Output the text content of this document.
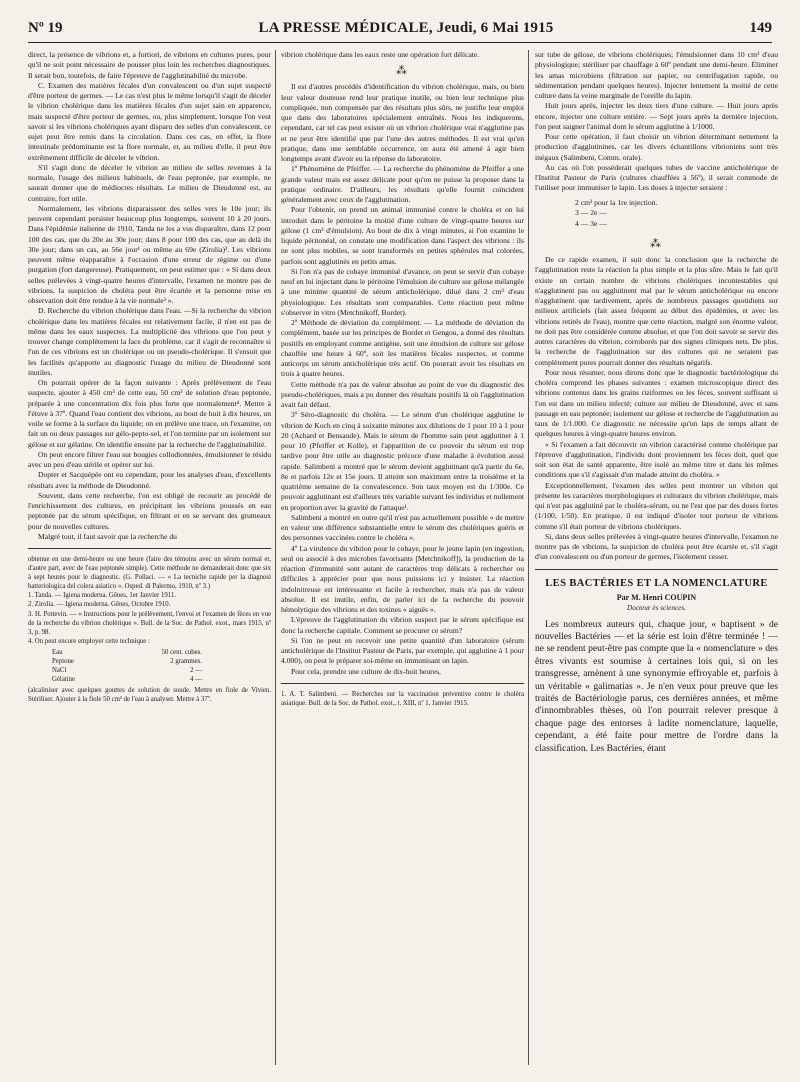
Nº 19	LA PRESSE MÉDICALE, Jeudi, 6 Mai 1915	149

direct, la présence de vibrions et, a fortiori, de vibrions en cultures pures, pour qu'il ne soit point nécessaire de pousser plus loin les recherches diagnostiques. Il serait bon, toutefois, de faire l'épreuve de l'agglutinabilité du microbe.

C. Examen des matières fécales d'un convalescent ou d'un sujet suspecté d'être porteur de germes. — Le cas n'est plus le même lorsqu'il s'agit de déceler le vibrion cholérique dans les matières fécales d'un sujet sain en apparence, mais suspecté d'être porteur de germes, ou, plus simplement, lorsque l'on veut savoir si les vibrions cholériques ayant disparu des selles d'un convalescent, ce sujet peut être remis dans la circulation. Dans ces cas, en effet, la flore intestinale prédominante est la flore normale, et, au milieu d'elle, il peut être extrêmement difficile de déceler le vibrion.

S'il s'agit donc de déceler le vibrion au milieu de selles revenues à la normale, l'usage des milieux habituels, de l'eau peptonée, par exemple, ne saurait donner que de médiocres résultats. Le milieu de Dieudonné est, au contraire, fort utile.

Normalement, les vibrions disparaissent des selles vers le 10e jour; ils peuvent cependant persister beaucoup plus longtemps, souvent 10 à 20 jours. Dans l'épidémie italienne de 1910, Tanda ne les a vus disparaître, dans 12 pour 100 des cas, que du 20e au 30e jour; dans 8 pour 100 des cas, que au delà du 30e jour; dans un cas, au 56e jour¹ ou même au 69e (Zirolia)². Les vibrions peuvent même réapparaître à l'occasion d'une erreur de régime ou d'une purgation (fort dangereuse). Pratiquement, on peut estimer que : « Si dans deux selles prélevées à vingt-quatre heures d'intervalle, l'examen ne montre pas de vibrions, la suspicion de choléra peut être écartée et la personne mise en observation doit être rendue à la vie normale³ ».

D. Recherche du vibrion cholérique dans l'eau. —Si la recherche du vibrion cholérique dans les matières fécales est relativement facile, il n'en est pas de même dans les eaux suspectes. La multiplicité des vibrions que l'on peut y trouver change complètement la face du problème, car il s'agit de reconnaître si l'un de ces vibrions est un cholérique ou un pseudo-cholérique. Il s'ensuit que les facilités qu'apporte au diagnostic l'usage du milieu de Dieudonné sont inutiles.

On pourrait opérer de la façon suivante : Après prélèvement de l'eau suspecte, ajouter à 450 cm³ de cette eau, 50 cm³ de solution d'eau peptonée, préparée à une concentration dix fois plus forte que normalement⁴. Mettre à l'étuve à 37º. Quand l'eau contient des vibrions, au bout de huit à dix heures, un voile se forme à la surface du liquide; on en prélève une trace, on l'examine, on fait un ou deux passages sur gélo-pepto-sel, et l'on termine par un isolement sur gélose et sur gélatine. On identifie ensuite par la recherche de l'agglutinabilité.

On peut encore filtrer l'eau sur bougies collodionnées, émulsionner le résidu avec un peu d'eau stérile et opérer sur lui.

Dopter et Sacquépée ont eu cependant, pour les analyses d'eau, d'excellents résultats avec la méthode de Dieudonné.

Souvent, dans cette recherche, l'on est obligé de recourir au procédé de l'enrichissement des cultures, en précipitant les vibrions poussés en eau peptonée par du sérum spécifique, en filtrant et en se servant des grumeaux pour de nouvelles cultures.

Malgré tout, il faut savoir que la recherche du

obtenue en une demi-heure ou une heure (faire des témoins avec un sérum normal et, d'autre part, avec de l'eau peptonée simple). Cette méthode ne demanderait donc que six à sept heures pour le diagnostic. (G. Pollaci. — « La tecniche rapide per la diagnosi batteriologica del colera asiatico ». Osped. di Palermo, 1910, nº 3.)

1. Tanda. — Igiena moderna. Gênes, 1er Janvier 1911.

2. Zirolia. — Igiena moderna. Gênes, Octobre 1910.

3. H. Pottevin. — « Instructions pour le prélèvement, l'envoi et l'examen de fèces en vue de la recherche du vibrion cholérique ». Bull. de la Soc. de Pathol. exot., mars 1915, nº 3, p. 98.

4. On peut encore employer cette technique :

Eau	50 cent. cubes.
Peptone	2 grammes.
NaCl	2 —
Gélatine	4 —

(alcaliniser avec quelques gouttes de solution de soude. Mettre en fiole de Vivien. Stériliser. Ajouter à la fiole 50 cm³ de l'eau à analyser. Mettre à 37º.

vibrion cholérique dans les eaux reste une opération fort délicate.

⁂

Il est d'autres procédés d'identification du vibrion cholérique, mais, ou bien leur valeur douteuse rend leur pratique inutile, ou bien leur technique plus compliquée, non compensée par des résultats plus sûrs, ne justifie leur emploi que dans des laboratoires spécialement entraînés. Nous les indiquerons, cependant, car tel cas peut exister où un vibrion cholérique vrai n'agglutine pas et ne peut être identifié que par l'une des autres méthodes. Il est vrai qu'en pratique, dans une semblable occurrence, on aura été amené à agir bien longtemps avant d'avoir eu la réponse du laboratoire.

1º Phénomène de Pfeiffer. — La recherche du phénomène de Pfeiffer a une grande valeur mais est assez délicate pour qu'on ne puisse la proposer dans la pratique ordinaire. D'ailleurs, les résultats qu'elle fournit coïncident généralement avec ceux de l'agglutination.

Pour l'obtenir, on prend un animal immunisé contre le choléra et on lui introduit dans le péritoine la moitié d'une culture de vingt-quatre heures sur gélose (1 cm³ d'émulsion). Au bout de dix à vingt minutes, si l'on examine le liquide péritonéal, on constate une modification dans l'aspect des vibrions : ils ne sont plus mobiles, se sont transformés en petites sphérules mal colorées, parfois sont agglutinés en petits amas.

Si l'on n'a pas de cobaye immunisé d'avance, on peut se servir d'un cobaye neuf en lui injectant dans le péritoine l'émulsion de culture sur gélose mélangée à une minime quantité de sérum anticholérique, dilué dans 2 cm³ d'eau physiologique. Les résultats sont comparables. Cette réaction peut même s'observer in vitro (Metchnikoff, Bordet).

2º Méthode de déviation du complément. — La méthode de déviation du complément, basée sur les principes de Bordet et Gengou, a donné des résultats positifs en employant comme antigène, soit une émulsion de culture sur gélose chauffée une heure à 60º, soit les matières fécales suspectes, et comme anticorps un sérum anticholérique très actif. On pourrait avoir les résultats en trois à quatre heures.

Cette méthode n'a pas de valeur absolue au point de vue du diagnostic des pseudo-cholériques, mais a pu donner des résultats positifs là où l'agglutination avait fait défaut.

3º Séro-diagnostic du choléra. — Le sérum d'un cholérique agglutine le vibrion de Koch en cinq à soixante minutes aux dilutions de 1 pour 10 à 1 pour 20 (Achard et Bensaude). Mais le sérum de l'homme sain peut agglutiner à 1 pour 10 (Pfeiffer et Kolle), et l'apparition de ce pouvoir du sérum est trop tardive pour être utile au diagnostic précoce d'une maladie à évolution aussi rapide. Salimbeni a montré que le sérum devient agglutinant qu'à partir du 6e, 8e et parfois 12e et 15e jours. Il atteint son maximum entre la troisième et la quatrième semaine de la convalescence. Son taux moyen est du 1/300e. Ce pouvoir agglutinant est d'ailleurs très variable suivant les individus et nullement en proportion avec la gravité de l'attaque¹.

Salimbeni a montré en outre qu'il n'est pas actuellement possible « de mettre en valeur une différence substantielle entre le sérum des cholériques guéris et des personnes vaccinées contre le choléra ».

4º La virulence du vibrion pour le cobaye, pour le jeune lapin (en ingestion, seul ou associé à des microbes favorisants [Metchnikoff]), la production de la réaction d'immunité sont autant de caractères trop délicats à rechercher ou difficiles à apprécier pour que nous puissions ici y insister. La réaction indolnitreuse est intéressante et facile à rechercher, mais n'a pas de valeur absolue. Il est inutile, enfin, de parler ici de la recherche du pouvoir hémolytique des vibrions et des toxines « aiguës ».

L'épreuve de l'agglutination du vibrion suspect par le sérum spécifique est donc la recherche capitale. Comment se procurer ce sérum?

Si l'on ne peut en recevoir une petite quantité d'un laboratoire (sérum anticholérique de l'Institut Pasteur de Paris, par exemple, qui agglutine à 1 pour 4.000), on peut le préparer soi-même en immunisant un lapin.

Pour cela, prendre une culture de dix-huit heures,

1. A. T. Salimbeni. — Recherches sur la vaccination préventive contre le choléra asiatique. Bull. de la Soc. de Pathol. exot., t. XIII, nº 1, Janvier 1915.

sur tube de gélose, de vibrions cholériques; l'émulsionner dans 10 cm³ d'eau physiologique; stériliser par chauffage à 60º pendant une demi-heure. Éliminer les amas microbiens (filtration sur papier, ou centrifugation rapide, ou sédimentation pendant quelques heures). Injecter lentement la moitié de cette culture dans la veine marginale de l'oreille du lapin.

Huit jours après, injecter les deux tiers d'une culture. — Huit jours après encore, injecter une culture entière. — Sept jours après la dernière injection, l'on peut saigner l'animal dont le sérum agglutine à 1/1000.

Pour cette opération, il faut choisir un vibrion déterminant nettement la production d'agglutinines, car les divers échantillons vibrioniens sont très inégaux (Salimbeni, Comm. orale).

Au cas où l'on posséderait quelques tubes de vaccine anticholérique de l'Institut Pasteur de Paris (cultures chauffées à 56º), il serait commode de l'utiliser pour immuniser le lapin. Les doses à injecter seraient :

2 cm³ pour la 1re injection.
3 — 2e —
4 — 3e —
⁂

De ce rapide examen, il suit donc la conclusion que la recherche de l'agglutination reste la réaction la plus simple et la plus sûre. Mais le fait qu'il existe un certain nombre de vibrions cholériques incontestables qui n'agglutinent pas ou agglutinent mal par le sérum anticholérique ou encore n'agglutinent que tardivement, après de nombreux passages quotidiens sur milieux artificiels (fait assez fréquent au début des épidémies, et avec les vibrions retirés de l'eau), montre que cette réaction, malgré son énorme valeur, ne doit pas être considérée comme absolue, et que l'on doit savoir se servir des autres caractères du vibrion, corroborés par des signes cliniques nets. De plus, la recherche de l'agglutination sur des cultures qui ne seraient pas complètement pures pourrait donner des résultats négatifs.

Pour nous résumer, nous dirons donc que le diagnostic bactériologique du choléra comprend les phases suivantes : examen microscopique direct des vibrions contenus dans les grains riziformes ou les fèces, souvent suffisant si l'on est dans un milieu infecté; culture sur milieu de Dieudonné, avec et sans passage en eau peptonée; isolement sur gélose et recherche de l'agglutination au taux de 1/1.000. Ce diagnostic ne nécessite qu'un laps de temps allant de quelques heures à vingt-quatre heures environ.

« Si l'examen a fait découvrir un vibrion caractérisé comme cholérique par l'épreuve d'agglutination, l'individu dont proviennent les fèces doit, quel que soit son état de santé apparente, être isolé au même titre et dans les mêmes conditions que s'il s'agissait d'un malade atteint du choléra. »

Exceptionnellement, l'examen des selles peut montrer un vibrion qui présente les caractères morphologiques et culturaux du vibrion cholérique, mais qui n'est pas agglutiné par le choléra-sérum, ou ne l'est que par des doses fortes (1/100, 1/50). En pratique, il est indiqué d'isoler tout porteur de vibrions comme s'il était porteur de vibrions cholériques.

Si, dans deux selles prélevées à vingt-quatre heures d'intervalle, l'examen ne montre pas de vibrions, la suspicion de choléra peut être écartée et, s'il s'agit d'un convalescent ou d'un porteur de germes, l'isolement cesser.

LES BACTÉRIES ET LA NOMENCLATURE
Par M. Henri COUPIN
Docteur ès sciences.

Les nombreux auteurs qui, chaque jour, « baptisent » de nouvelles Bactéries — et la série est loin d'être terminée ! — ne se rendent peut-être pas compte que la « nomenclature » des êtres vivants est soumise à certaines lois qui, si on les transgresse, amènent à une synonymie effroyable et, parfois à un véritable « galimatias ». Je n'en veux pour preuve que les traités de Bactériologie parus, ces dernières années, et même d'innombrables thèses, où l'on pourrait relever presque à chaque page des entorses à ladite nomenclature, laquelle, cependant, a été faite pour mettre de l'ordre dans la classification. Les Bactéries, étant
